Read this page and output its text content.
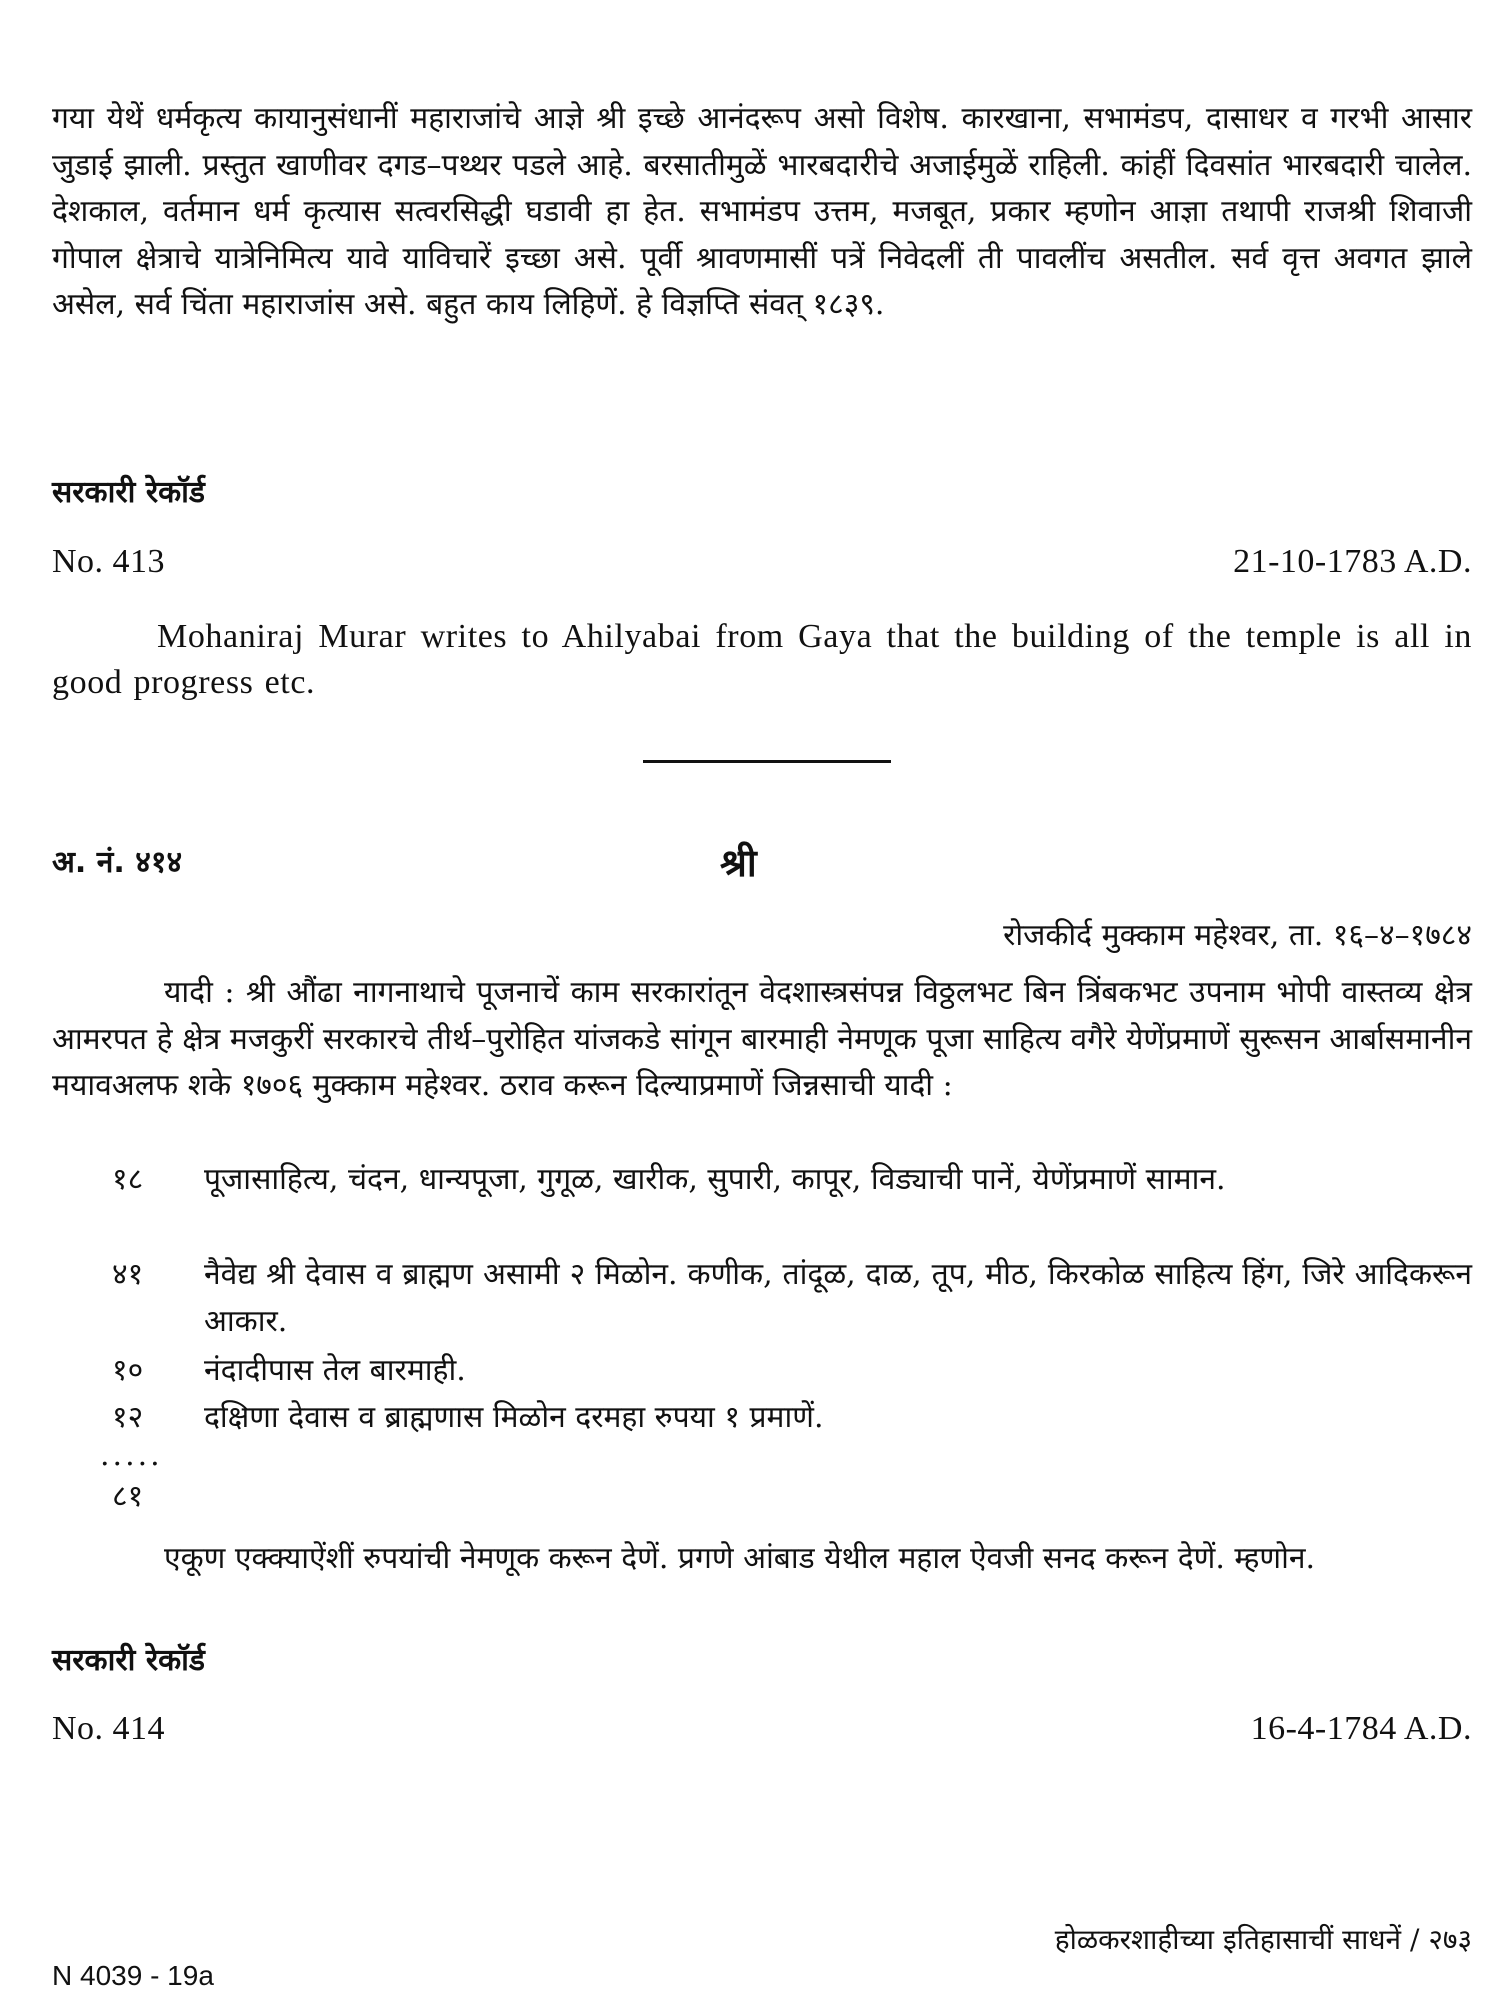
गया येथें धर्मकृत्य कायानुसंधानीं महाराजांचे आज्ञे श्री इच्छे आनंदरूप असो विशेष. कारखाना, सभामंडप, दासाधर व गरभी आसार जुडाई झाली. प्रस्तुत खाणीवर दगड–पथ्थर पडले आहे. बरसातीमुळें भारबदारीचे अजाईमुळें राहिली. कांहीं दिवसांत भारबदारी चालेल. देशकाल, वर्तमान धर्म कृत्यास सत्वरसिद्धी घडावी हा हेत. सभामंडप उत्तम, मजबूत, प्रकार म्हणोन आज्ञा तथापी राजश्री शिवाजी गोपाल क्षेत्राचे यात्रेनिमित्य यावे याविचारें इच्छा असे. पूर्वी श्रावणमासीं पत्रें निवेदलीं ती पावलींच असतील. सर्व वृत्त अवगत झाले असेल, सर्व चिंता महाराजांस असे. बहुत काय लिहिणें. हे विज्ञप्ति संवत् १८३९.

सरकारी रेकॉर्ड

No. 413	21-10-1783 A.D.

Mohaniraj Murar writes to Ahilyabai from Gaya that the building of the temple is all in good progress etc.

अ. नं. ४१४	श्री
रोजकीर्द मुक्काम महेश्वर, ता. १६–४–१७८४

यादी : श्री औंढा नागनाथाचे पूजनाचें काम सरकारांतून वेदशास्त्रसंपन्न विठ्ठलभट बिन त्रिंबकभट उपनाम भोपी वास्तव्य क्षेत्र आमरपत हे क्षेत्र मजकुरीं सरकारचे तीर्थ–पुरोहित यांजकडे सांगून बारमाही नेमणूक पूजा साहित्य वगैरे येणेंप्रमाणें सुरूसन आर्बासमानीन मयावअलफ शके १७०६ मुक्काम महेश्वर. ठराव करून दिल्याप्रमाणें जिन्नसाची यादी :

१८	पूजासाहित्य, चंदन, धान्यपूजा, गुगूळ, खारीक, सुपारी, कापूर, विड्याची पानें, येणेंप्रमाणें सामान.
४१	नैवेद्य श्री देवास व ब्राह्मण असामी २ मिळोन. कणीक, तांदूळ, दाळ, तूप, मीठ, किरकोळ साहित्य हिंग, जिरे आदिकरून आकार.
१०	नंदादीपास तेल बारमाही.
१२	दक्षिणा देवास व ब्राह्मणास मिळोन दरमहा रुपया १ प्रमाणें.
.....
८१

एकूण एक्क्याऐंशीं रुपयांची नेमणूक करून देणें. प्रगणे आंबाड येथील महाल ऐवजी सनद करून देणें. म्हणोन.

सरकारी रेकॉर्ड

No. 414	16-4-1784 A.D.
होळकरशाहीच्या इतिहासाचीं साधनें / २७३
N 4039 - 19a
